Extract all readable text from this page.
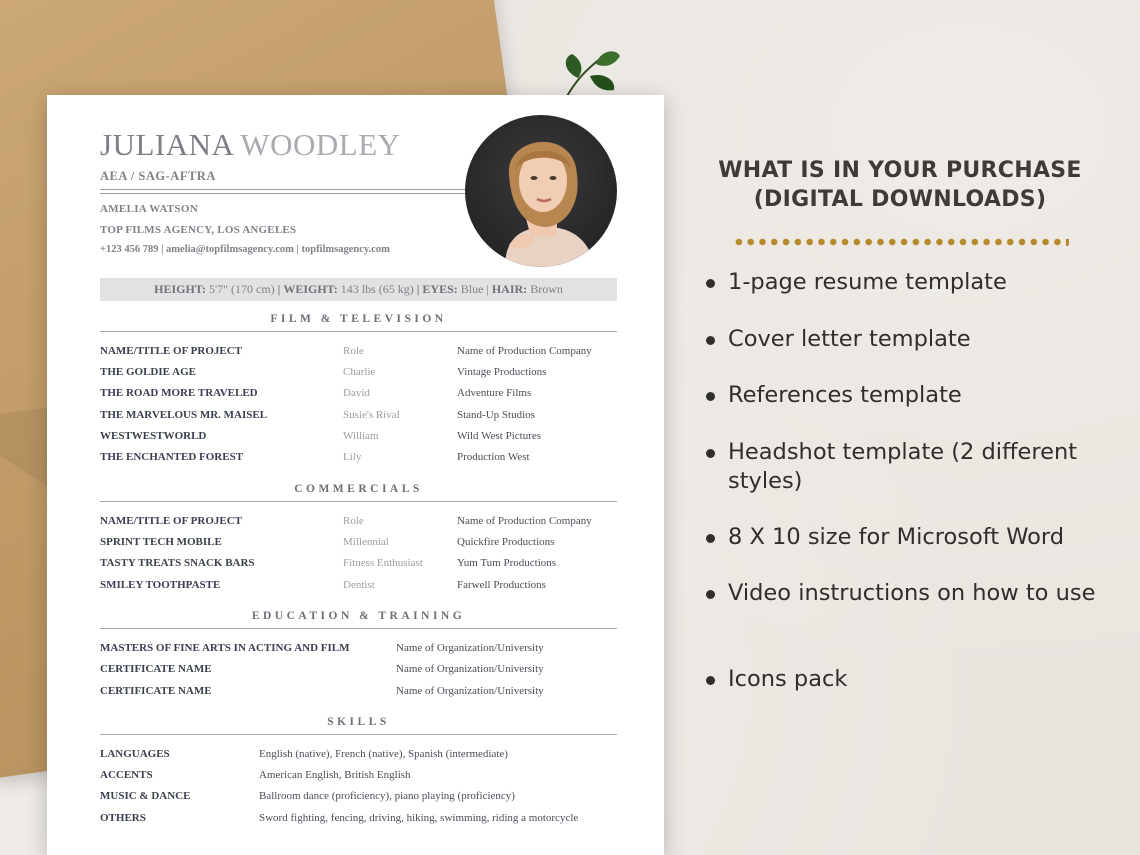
JULIANA WOODLEY
AEA / SAG-AFTRA
AMELIA WATSON
TOP FILMS AGENCY, LOS ANGELES
+123 456 789 | amelia@topfilmsagency.com | topfilmsagency.com
HEIGHT: 5'7" (170 cm) | WEIGHT: 143 lbs (65 kg) | EYES: Blue | HAIR: Brown
FILM & TELEVISION
NAME/TITLE OF PROJECT	Role	Name of Production Company
THE GOLDIE AGE	Charlie	Vintage Productions
THE ROAD MORE TRAVELED	David	Adventure Films
THE MARVELOUS MR. MAISEL	Susie's Rival	Stand-Up Studios
WESTWESTWORLD	William	Wild West Pictures
THE ENCHANTED FOREST	Lily	Production West
COMMERCIALS
NAME/TITLE OF PROJECT	Role	Name of Production Company
SPRINT TECH MOBILE	Millennial	Quickfire Productions
TASTY TREATS SNACK BARS	Fitness Enthusiast	Yum Tum Productions
SMILEY TOOTHPASTE	Dentist	Farwell Productions
EDUCATION & TRAINING
MASTERS OF FINE ARTS IN ACTING AND FILM	Name of Organization/University
CERTIFICATE NAME	Name of Organization/University
CERTIFICATE NAME	Name of Organization/University
SKILLS
LANGUAGES	English (native), French (native), Spanish (intermediate)
ACCENTS	American English, British English
MUSIC & DANCE	Ballroom dance (proficiency), piano playing (proficiency)
OTHERS	Sword fighting, fencing, driving, hiking, swimming, riding a motorcycle
WHAT IS IN YOUR PURCHASE
(DIGITAL DOWNLOADS)
1-page resume template
Cover letter template
References template
Headshot template (2 different styles)
8 X 10 size for Microsoft Word
Video instructions on how to use
Icons pack
